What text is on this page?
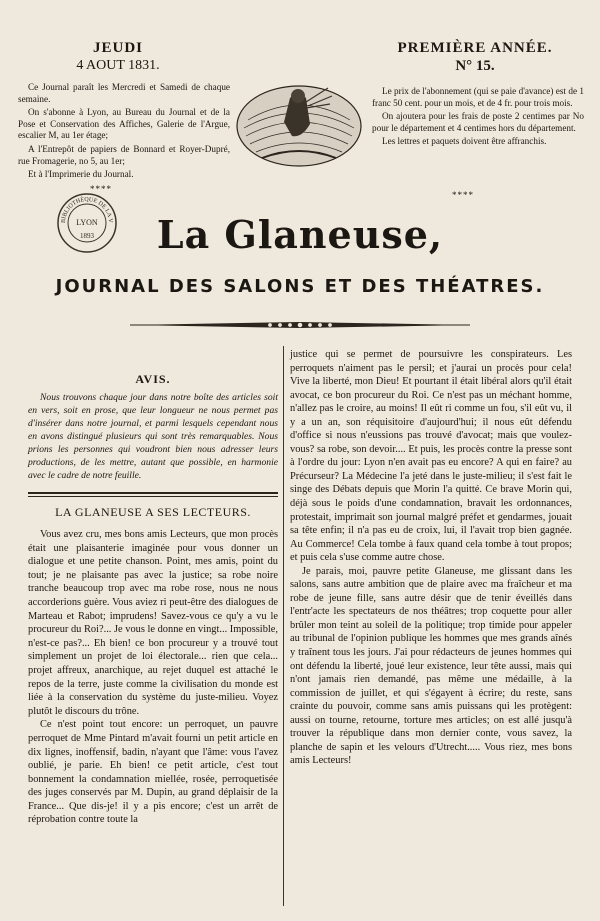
JEUDI
4 AOUT 1831.
PREMIÈRE ANNÉE.
N° 15.

Ce Journal paraît les Mercredi et Samedi de chaque semaine.

On s'abonne à Lyon, au Bureau du Journal et de la Pose et Conservation des Affiches, Galerie de l'Argue, escalier M, au 1er étage;

A l'Entrepôt de papiers de Bonnard et Royer-Dupré, rue Fromagerie, no 5, au 1er;

Et à l'Imprimerie du Journal.

Le prix de l'abonnement (qui se paie d'avance) est de 1 franc 50 cent. pour un mois, et de 4 fr. pour trois mois.

On ajoutera pour les frais de poste 2 centimes par No pour le département et 4 centimes hors du département.

Les lettres et paquets doivent être affranchis.

****
****
BIBLIOTHÈQUE DE LA V
LYON
1893	La Glaneuse,
JOURNAL DES SALONS ET DES THÉATRES.
AVIS.

Nous trouvons chaque jour dans notre boîte des articles soit en vers, soit en prose, que leur longueur ne nous permet pas d'insérer dans notre journal, et parmi lesquels cependant nous en avons distingué plusieurs qui sont très remarquables. Nous prions les personnes qui voudront bien nous adresser leurs productions, de les mettre, autant que possible, en harmonie avec le cadre de notre feuille.

LA GLANEUSE A SES LECTEURS.

Vous avez cru, mes bons amis Lecteurs, que mon procès était une plaisanterie imaginée pour vous donner un dialogue et une petite chanson. Point, mes amis, point du tout; je ne plaisante pas avec la justice; sa robe noire tranche beaucoup trop avec ma robe rose, nous ne nous accorderions guère. Vous aviez ri peut-être des dialogues de Marteau et Rabot; imprudens! Savez-vous ce qu'y a vu le procureur du Roi?... Je vous le donne en vingt... Impossible, n'est-ce pas?... Eh bien! ce bon procureur y a trouvé tout simplement un projet de loi électorale... rien que cela... projet affreux, anarchique, au rejet duquel est attaché le repos de la terre, juste comme la civilisation du monde est liée à la conservation du système du juste-milieu. Voyez plutôt le discours du trône.

Ce n'est point tout encore: un perroquet, un pauvre perroquet de Mme Pintard m'avait fourni un petit article en dix lignes, inoffensif, badin, n'ayant que l'âme: vous l'avez oublié, je parie. Eh bien! ce petit article, c'est tout bonnement la condamnation miellée, rosée, perroquetisée des juges conservés par M. Dupin, au grand déplaisir de la France... Que dis-je! il y a pis encore; c'est un arrêt de réprobation contre toute la

justice qui se permet de poursuivre les conspirateurs. Les perroquets n'aiment pas le persil; et j'aurai un procès pour cela! Vive la liberté, mon Dieu! Et pourtant il était libéral alors qu'il était avocat, ce bon procureur du Roi. Ce n'est pas un méchant homme, n'allez pas le croire, au moins! Il eût ri comme un fou, s'il eût vu, il y a un an, son réquisitoire d'aujourd'hui; il nous eût défendu d'office si nous n'eussions pas trouvé d'avocat; mais que voulez-vous? sa robe, son devoir.... Et puis, les procès contre la presse sont à l'ordre du jour: Lyon n'en avait pas eu encore? A qui en faire? au Précurseur? La Médecine l'a jeté dans le juste-milieu; il s'est fait le singe des Débats depuis que Morin l'a quitté. Ce brave Morin qui, déjà sous le poids d'une condamnation, bravait les ordonnances, protestait, imprimait son journal malgré préfet et gendarmes, jouait sa tête enfin; il n'a pas eu de croix, lui, il l'avait trop bien gagnée. Au Commerce! Cela tombe à faux quand cela tombe à tout propos; et puis cela s'use comme autre chose.

Je parais, moi, pauvre petite Glaneuse, me glissant dans les salons, sans autre ambition que de plaire avec ma fraîcheur et ma robe de jeune fille, sans autre désir que de tenir éveillés dans l'entr'acte les spectateurs de nos théâtres; trop coquette pour aller brûler mon teint au soleil de la politique; trop timide pour appeler au tribunal de l'opinion publique les hommes que mes grands aînés y traînent tous les jours. J'ai pour rédacteurs de jeunes hommes qui ont défendu la liberté, joué leur existence, leur tête aussi, mais qui n'ont jamais rien demandé, pas même une médaille, à la commission de juillet, et qui s'égayent à écrire; du reste, sans crainte du pouvoir, comme sans amis puissans qui les protègent: aussi on tourne, retourne, torture mes articles; on est allé jusqu'à trouver la république dans mon dernier conte, vous savez, la planche de sapin et les velours d'Utrecht..... Vous riez, mes bons amis Lecteurs!
